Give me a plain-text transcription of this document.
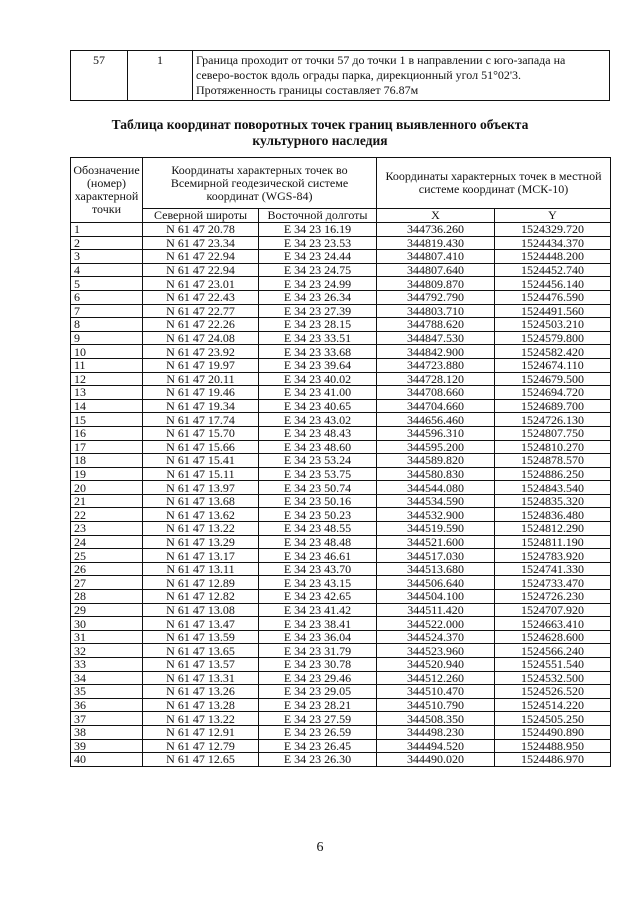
57	1	Граница проходит от точки 57 до точки 1 в направлении с юго-запада на
северо-восток вдоль ограды парка, дирекционный угол 51°02'3.
Протяженность границы составляет 76.87м
Таблица координат поворотных точек границ выявленного объекта
культурного наследия
Обозначение (номер) характерной точки	Координаты характерных точек во Всемирной геодезической системе координат (WGS-84)		Координаты характерных точек в местной системе координат (МСК-10)	
	Северной широты	Восточной долготы	X	Y
1	N 61 47 20.78	E 34 23 16.19	344736.260	1524329.720
2	N 61 47 23.34	E 34 23 23.53	344819.430	1524434.370
3	N 61 47 22.94	E 34 23 24.44	344807.410	1524448.200
4	N 61 47 22.94	E 34 23 24.75	344807.640	1524452.740
5	N 61 47 23.01	E 34 23 24.99	344809.870	1524456.140
6	N 61 47 22.43	E 34 23 26.34	344792.790	1524476.590
7	N 61 47 22.77	E 34 23 27.39	344803.710	1524491.560
8	N 61 47 22.26	E 34 23 28.15	344788.620	1524503.210
9	N 61 47 24.08	E 34 23 33.51	344847.530	1524579.800
10	N 61 47 23.92	E 34 23 33.68	344842.900	1524582.420
11	N 61 47 19.97	E 34 23 39.64	344723.880	1524674.110
12	N 61 47 20.11	E 34 23 40.02	344728.120	1524679.500
13	N 61 47 19.46	E 34 23 41.00	344708.660	1524694.720
14	N 61 47 19.34	E 34 23 40.65	344704.660	1524689.700
15	N 61 47 17.74	E 34 23 43.02	344656.460	1524726.130
16	N 61 47 15.70	E 34 23 48.43	344596.310	1524807.750
17	N 61 47 15.66	E 34 23 48.60	344595.200	1524810.270
18	N 61 47 15.41	E 34 23 53.24	344589.820	1524878.570
19	N 61 47 15.11	E 34 23 53.75	344580.830	1524886.250
20	N 61 47 13.97	E 34 23 50.74	344544.080	1524843.540
21	N 61 47 13.68	E 34 23 50.16	344534.590	1524835.320
22	N 61 47 13.62	E 34 23 50.23	344532.900	1524836.480
23	N 61 47 13.22	E 34 23 48.55	344519.590	1524812.290
24	N 61 47 13.29	E 34 23 48.48	344521.600	1524811.190
25	N 61 47 13.17	E 34 23 46.61	344517.030	1524783.920
26	N 61 47 13.11	E 34 23 43.70	344513.680	1524741.330
27	N 61 47 12.89	E 34 23 43.15	344506.640	1524733.470
28	N 61 47 12.82	E 34 23 42.65	344504.100	1524726.230
29	N 61 47 13.08	E 34 23 41.42	344511.420	1524707.920
30	N 61 47 13.47	E 34 23 38.41	344522.000	1524663.410
31	N 61 47 13.59	E 34 23 36.04	344524.370	1524628.600
32	N 61 47 13.65	E 34 23 31.79	344523.960	1524566.240
33	N 61 47 13.57	E 34 23 30.78	344520.940	1524551.540
34	N 61 47 13.31	E 34 23 29.46	344512.260	1524532.500
35	N 61 47 13.26	E 34 23 29.05	344510.470	1524526.520
36	N 61 47 13.28	E 34 23 28.21	344510.790	1524514.220
37	N 61 47 13.22	E 34 23 27.59	344508.350	1524505.250
38	N 61 47 12.91	E 34 23 26.59	344498.230	1524490.890
39	N 61 47 12.79	E 34 23 26.45	344494.520	1524488.950
40	N 61 47 12.65	E 34 23 26.30	344490.020	1524486.970
6
